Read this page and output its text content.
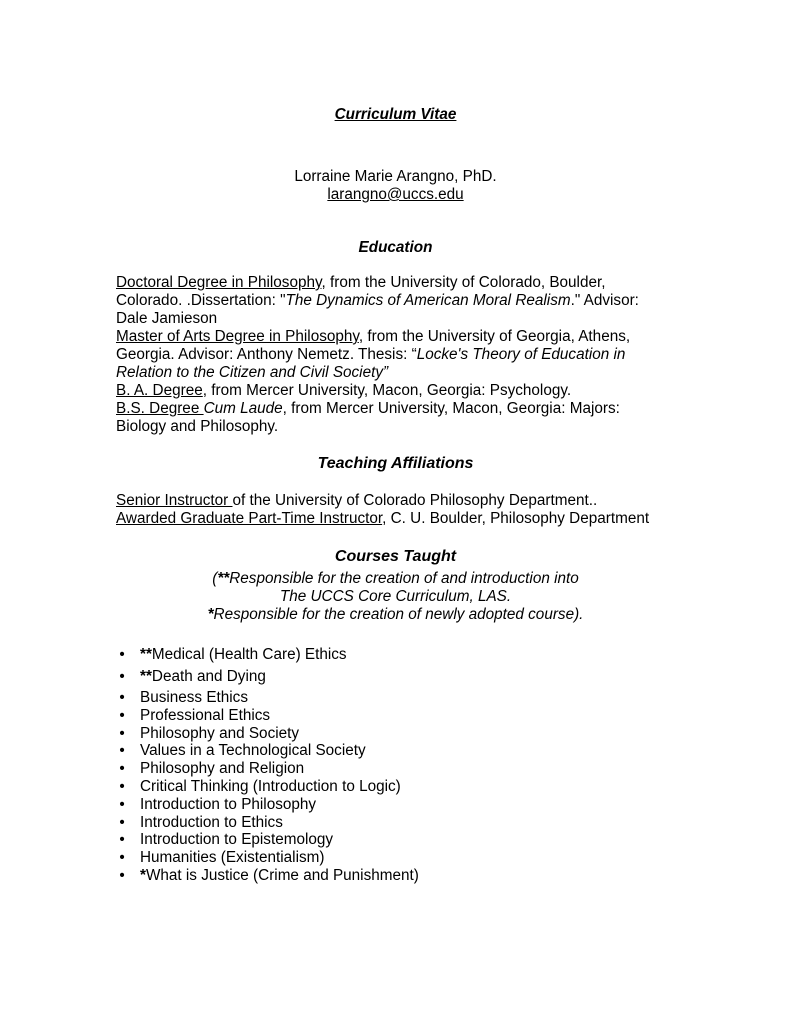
Curriculum Vitae
Lorraine Marie Arangno, PhD.
larangno@uccs.edu
Education
Doctoral Degree in Philosophy, from the University of Colorado, Boulder,
Colorado. .Dissertation: "The Dynamics of American Moral Realism." Advisor:
Dale Jamieson
Master of Arts Degree in Philosophy, from the University of Georgia, Athens,
Georgia. Advisor: Anthony Nemetz. Thesis: “Locke's Theory of Education in
Relation to the Citizen and Civil Society”
B. A. Degree, from Mercer University, Macon, Georgia: Psychology.
B.S. Degree Cum Laude, from Mercer University, Macon, Georgia: Majors:
Biology and Philosophy.
Teaching Affiliations
Senior Instructor of the University of Colorado Philosophy Department..
Awarded Graduate Part-Time Instructor, C. U. Boulder, Philosophy Department
Courses Taught
(**Responsible for the creation of and introduction into
The UCCS Core Curriculum, LAS.
*Responsible for the creation of newly adopted course).
• **Medical (Health Care) Ethics
• **Death and Dying
• Business Ethics
• Professional Ethics
• Philosophy and Society
• Values in a Technological Society
• Philosophy and Religion
• Critical Thinking (Introduction to Logic)
• Introduction to Philosophy
• Introduction to Ethics
• Introduction to Epistemology
• Humanities (Existentialism)
• *What is Justice (Crime and Punishment)
